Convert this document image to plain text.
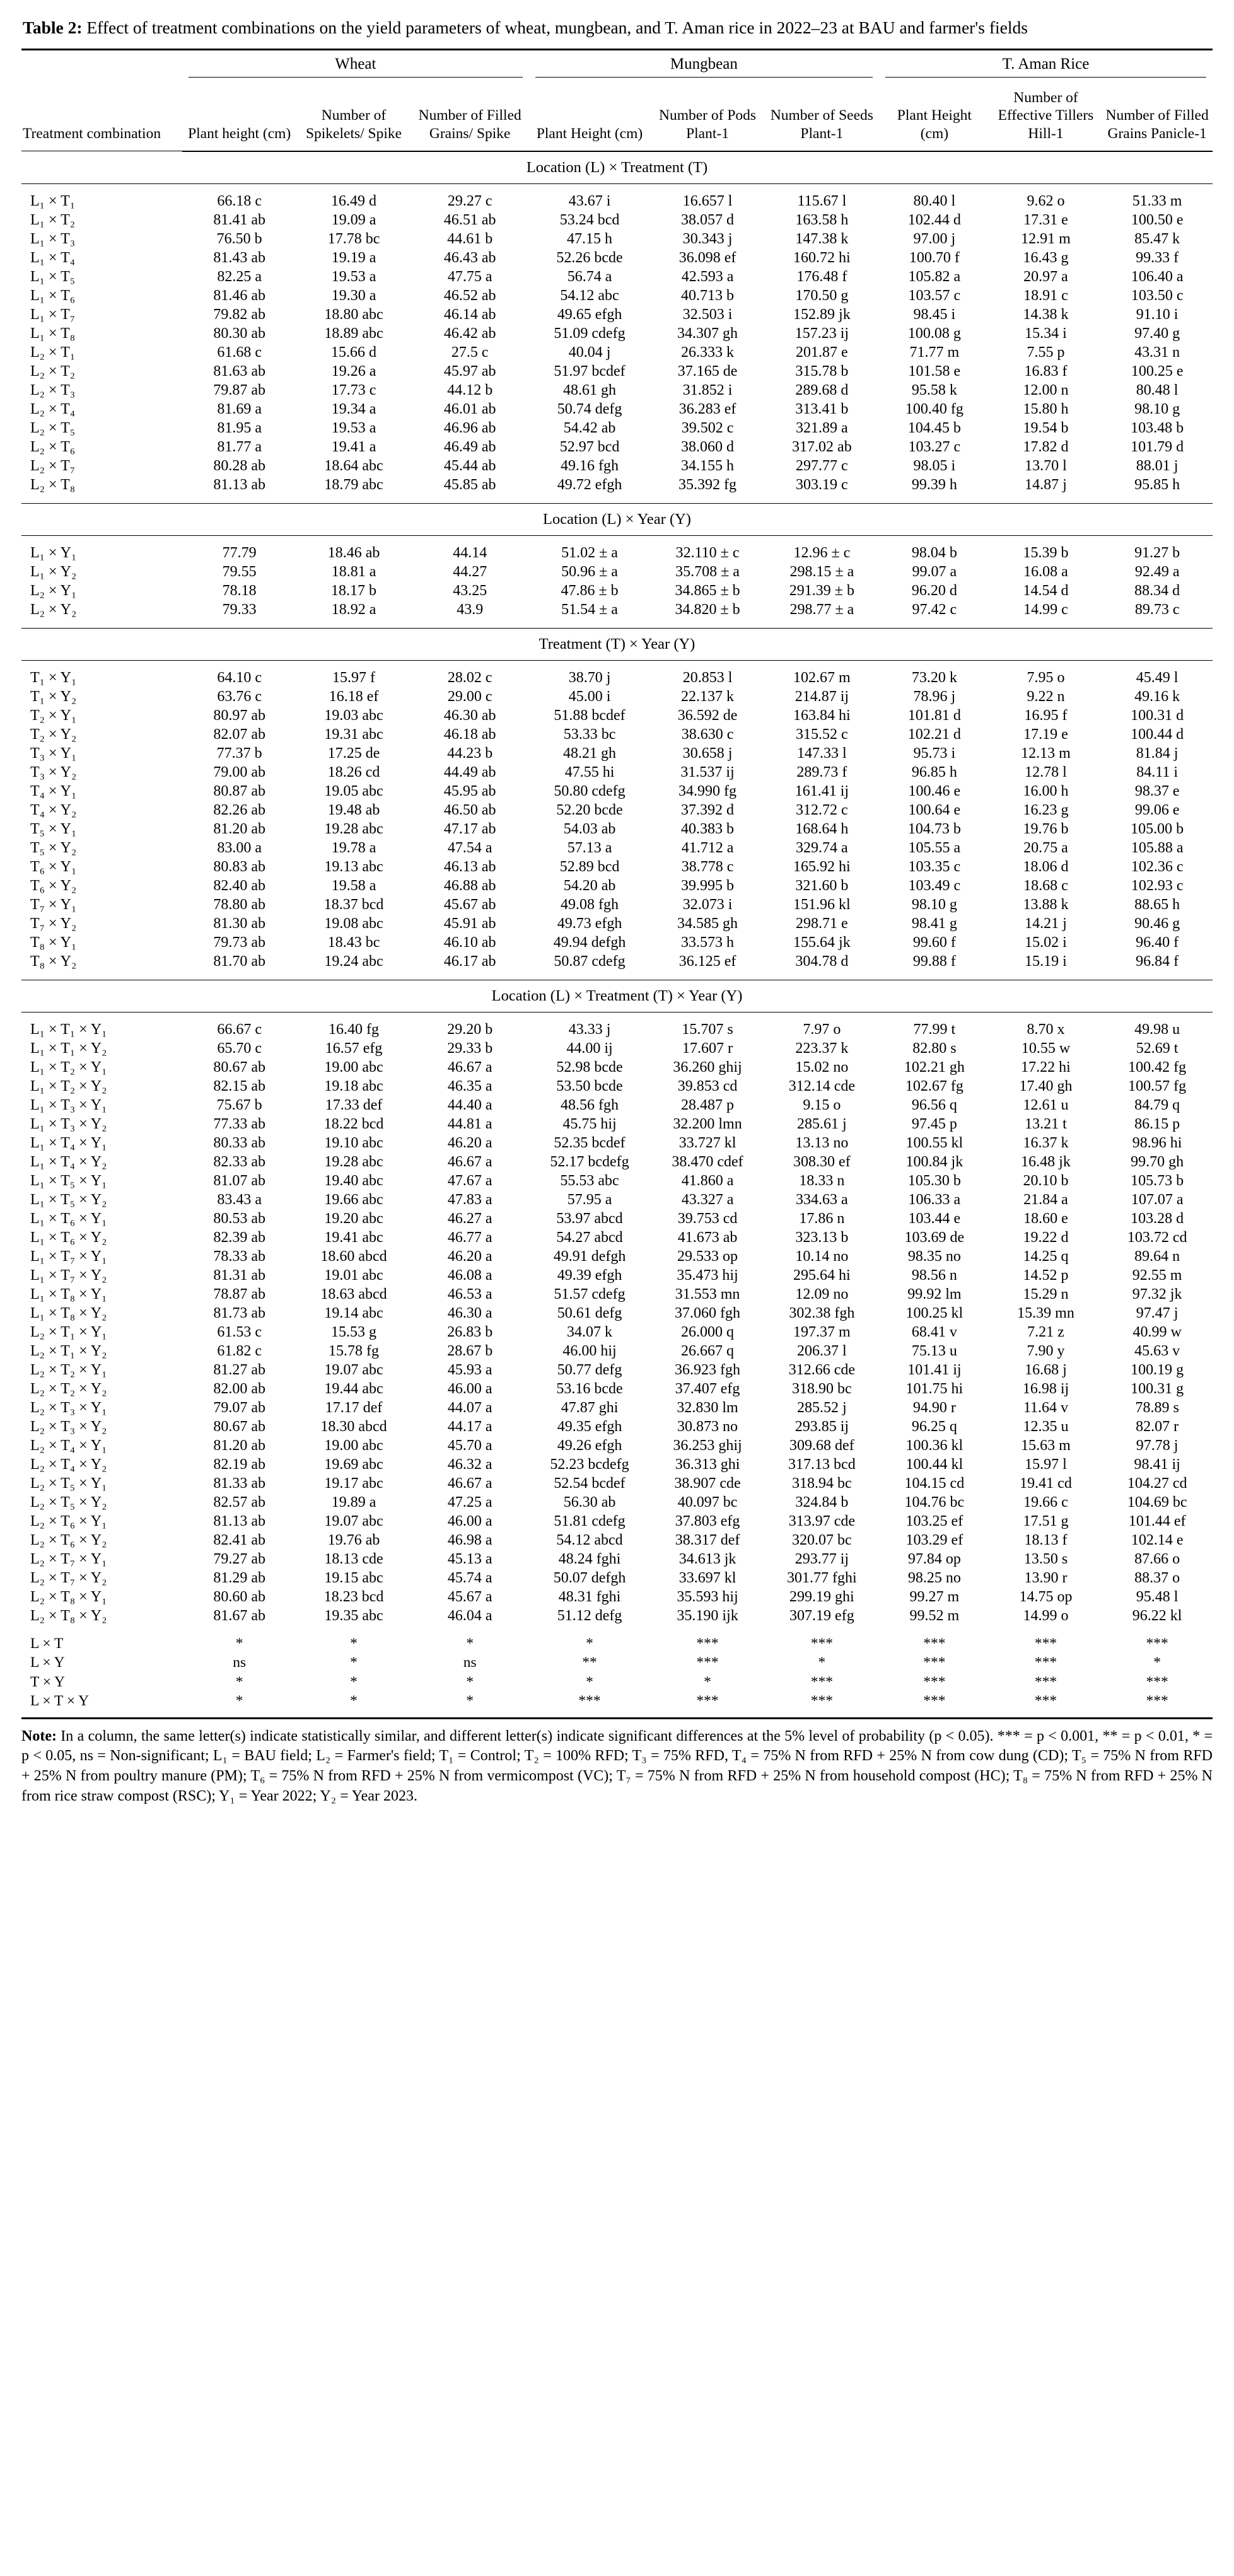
Table 2: Effect of treatment combinations on the yield parameters of wheat, mungbean, and T. Aman rice in 2022–23 at BAU and farmer's fields
Treatment combination	Wheat			Mungbean			T. Aman Rice		

	Plant height (cm)	Number of Spikelets/ Spike	Number of Filled Grains/ Spike	Plant Height (cm)	Number of Pods Plant-1	Number of Seeds Plant-1	Plant Height (cm)	Number of Effective Tillers Hill-1	Number of Filled Grains Panicle-1
Location (L) × Treatment (T)									

L₁ × T₁	66.18 c	16.49 d	29.27 c	43.67 i	16.657 l	115.67 l	80.40 l	9.62 o	51.33 m
L₁ × T₂	81.41 ab	19.09 a	46.51 ab	53.24 bcd	38.057 d	163.58 h	102.44 d	17.31 e	100.50 e
L₁ × T₃	76.50 b	17.78 bc	44.61 b	47.15 h	30.343 j	147.38 k	97.00 j	12.91 m	85.47 k
L₁ × T₄	81.43 ab	19.19 a	46.43 ab	52.26 bcde	36.098 ef	160.72 hi	100.70 f	16.43 g	99.33 f
L₁ × T₅	82.25 a	19.53 a	47.75 a	56.74 a	42.593 a	176.48 f	105.82 a	20.97 a	106.40 a
L₁ × T₆	81.46 ab	19.30 a	46.52 ab	54.12 abc	40.713 b	170.50 g	103.57 c	18.91 c	103.50 c
L₁ × T₇	79.82 ab	18.80 abc	46.14 ab	49.65 efgh	32.503 i	152.89 jk	98.45 i	14.38 k	91.10 i
L₁ × T₈	80.30 ab	18.89 abc	46.42 ab	51.09 cdefg	34.307 gh	157.23 ij	100.08 g	15.34 i	97.40 g
L₂ × T₁	61.68 c	15.66 d	27.5 c	40.04 j	26.333 k	201.87 e	71.77 m	7.55 p	43.31 n
L₂ × T₂	81.63 ab	19.26 a	45.97 ab	51.97 bcdef	37.165 de	315.78 b	101.58 e	16.83 f	100.25 e
L₂ × T₃	79.87 ab	17.73 c	44.12 b	48.61 gh	31.852 i	289.68 d	95.58 k	12.00 n	80.48 l
L₂ × T₄	81.69 a	19.34 a	46.01 ab	50.74 defg	36.283 ef	313.41 b	100.40 fg	15.80 h	98.10 g
L₂ × T₅	81.95 a	19.53 a	46.96 ab	54.42 ab	39.502 c	321.89 a	104.45 b	19.54 b	103.48 b
L₂ × T₆	81.77 a	19.41 a	46.49 ab	52.97 bcd	38.060 d	317.02 ab	103.27 c	17.82 d	101.79 d
L₂ × T₇	80.28 ab	18.64 abc	45.44 ab	49.16 fgh	34.155 h	297.77 c	98.05 i	13.70 l	88.01 j
L₂ × T₈	81.13 ab	18.79 abc	45.85 ab	49.72 efgh	35.392 fg	303.19 c	99.39 h	14.87 j	95.85 h

Location (L) × Year (Y)									

L₁ × Y₁	77.79	18.46 ab	44.14	51.02 ± a	32.110 ± c	12.96 ± c	98.04 b	15.39 b	91.27 b
L₁ × Y₂	79.55	18.81 a	44.27	50.96 ± a	35.708 ± a	298.15 ± a	99.07 a	16.08 a	92.49 a
L₂ × Y₁	78.18	18.17 b	43.25	47.86 ± b	34.865 ± b	291.39 ± b	96.20 d	14.54 d	88.34 d
L₂ × Y₂	79.33	18.92 a	43.9	51.54 ± a	34.820 ± b	298.77 ± a	97.42 c	14.99 c	89.73 c

Treatment (T) × Year (Y)									

T₁ × Y₁	64.10 c	15.97 f	28.02 c	38.70 j	20.853 l	102.67 m	73.20 k	7.95 o	45.49 l
T₁ × Y₂	63.76 c	16.18 ef	29.00 c	45.00 i	22.137 k	214.87 ij	78.96 j	9.22 n	49.16 k
T₂ × Y₁	80.97 ab	19.03 abc	46.30 ab	51.88 bcdef	36.592 de	163.84 hi	101.81 d	16.95 f	100.31 d
T₂ × Y₂	82.07 ab	19.31 abc	46.18 ab	53.33 bc	38.630 c	315.52 c	102.21 d	17.19 e	100.44 d
T₃ × Y₁	77.37 b	17.25 de	44.23 b	48.21 gh	30.658 j	147.33 l	95.73 i	12.13 m	81.84 j
T₃ × Y₂	79.00 ab	18.26 cd	44.49 ab	47.55 hi	31.537 ij	289.73 f	96.85 h	12.78 l	84.11 i
T₄ × Y₁	80.87 ab	19.05 abc	45.95 ab	50.80 cdefg	34.990 fg	161.41 ij	100.46 e	16.00 h	98.37 e
T₄ × Y₂	82.26 ab	19.48 ab	46.50 ab	52.20 bcde	37.392 d	312.72 c	100.64 e	16.23 g	99.06 e
T₅ × Y₁	81.20 ab	19.28 abc	47.17 ab	54.03 ab	40.383 b	168.64 h	104.73 b	19.76 b	105.00 b
T₅ × Y₂	83.00 a	19.78 a	47.54 a	57.13 a	41.712 a	329.74 a	105.55 a	20.75 a	105.88 a
T₆ × Y₁	80.83 ab	19.13 abc	46.13 ab	52.89 bcd	38.778 c	165.92 hi	103.35 c	18.06 d	102.36 c
T₆ × Y₂	82.40 ab	19.58 a	46.88 ab	54.20 ab	39.995 b	321.60 b	103.49 c	18.68 c	102.93 c
T₇ × Y₁	78.80 ab	18.37 bcd	45.67 ab	49.08 fgh	32.073 i	151.96 kl	98.10 g	13.88 k	88.65 h
T₇ × Y₂	81.30 ab	19.08 abc	45.91 ab	49.73 efgh	34.585 gh	298.71 e	98.41 g	14.21 j	90.46 g
T₈ × Y₁	79.73 ab	18.43 bc	46.10 ab	49.94 defgh	33.573 h	155.64 jk	99.60 f	15.02 i	96.40 f
T₈ × Y₂	81.70 ab	19.24 abc	46.17 ab	50.87 cdefg	36.125 ef	304.78 d	99.88 f	15.19 i	96.84 f

Location (L) × Treatment (T) × Year (Y)									

L₁ × T₁ × Y₁	66.67 c	16.40 fg	29.20 b	43.33 j	15.707 s	7.97 o	77.99 t	8.70 x	49.98 u
L₁ × T₁ × Y₂	65.70 c	16.57 efg	29.33 b	44.00 ij	17.607 r	223.37 k	82.80 s	10.55 w	52.69 t
L₁ × T₂ × Y₁	80.67 ab	19.00 abc	46.67 a	52.98 bcde	36.260 ghij	15.02 no	102.21 gh	17.22 hi	100.42 fg
L₁ × T₂ × Y₂	82.15 ab	19.18 abc	46.35 a	53.50 bcde	39.853 cd	312.14 cde	102.67 fg	17.40 gh	100.57 fg
L₁ × T₃ × Y₁	75.67 b	17.33 def	44.40 a	48.56 fgh	28.487 p	9.15 o	96.56 q	12.61 u	84.79 q
L₁ × T₃ × Y₂	77.33 ab	18.22 bcd	44.81 a	45.75 hij	32.200 lmn	285.61 j	97.45 p	13.21 t	86.15 p
L₁ × T₄ × Y₁	80.33 ab	19.10 abc	46.20 a	52.35 bcdef	33.727 kl	13.13 no	100.55 kl	16.37 k	98.96 hi
L₁ × T₄ × Y₂	82.33 ab	19.28 abc	46.67 a	52.17 bcdefg	38.470 cdef	308.30 ef	100.84 jk	16.48 jk	99.70 gh
L₁ × T₅ × Y₁	81.07 ab	19.40 abc	47.67 a	55.53 abc	41.860 a	18.33 n	105.30 b	20.10 b	105.73 b
L₁ × T₅ × Y₂	83.43 a	19.66 abc	47.83 a	57.95 a	43.327 a	334.63 a	106.33 a	21.84 a	107.07 a
L₁ × T₆ × Y₁	80.53 ab	19.20 abc	46.27 a	53.97 abcd	39.753 cd	17.86 n	103.44 e	18.60 e	103.28 d
L₁ × T₆ × Y₂	82.39 ab	19.41 abc	46.77 a	54.27 abcd	41.673 ab	323.13 b	103.69 de	19.22 d	103.72 cd
L₁ × T₇ × Y₁	78.33 ab	18.60 abcd	46.20 a	49.91 defgh	29.533 op	10.14 no	98.35 no	14.25 q	89.64 n
L₁ × T₇ × Y₂	81.31 ab	19.01 abc	46.08 a	49.39 efgh	35.473 hij	295.64 hi	98.56 n	14.52 p	92.55 m
L₁ × T₈ × Y₁	78.87 ab	18.63 abcd	46.53 a	51.57 cdefg	31.553 mn	12.09 no	99.92 lm	15.29 n	97.32 jk
L₁ × T₈ × Y₂	81.73 ab	19.14 abc	46.30 a	50.61 defg	37.060 fgh	302.38 fgh	100.25 kl	15.39 mn	97.47 j
L₂ × T₁ × Y₁	61.53 c	15.53 g	26.83 b	34.07 k	26.000 q	197.37 m	68.41 v	7.21 z	40.99 w
L₂ × T₁ × Y₂	61.82 c	15.78 fg	28.67 b	46.00 hij	26.667 q	206.37 l	75.13 u	7.90 y	45.63 v
L₂ × T₂ × Y₁	81.27 ab	19.07 abc	45.93 a	50.77 defg	36.923 fgh	312.66 cde	101.41 ij	16.68 j	100.19 g
L₂ × T₂ × Y₂	82.00 ab	19.44 abc	46.00 a	53.16 bcde	37.407 efg	318.90 bc	101.75 hi	16.98 ij	100.31 g
L₂ × T₃ × Y₁	79.07 ab	17.17 def	44.07 a	47.87 ghi	32.830 lm	285.52 j	94.90 r	11.64 v	78.89 s
L₂ × T₃ × Y₂	80.67 ab	18.30 abcd	44.17 a	49.35 efgh	30.873 no	293.85 ij	96.25 q	12.35 u	82.07 r
L₂ × T₄ × Y₁	81.20 ab	19.00 abc	45.70 a	49.26 efgh	36.253 ghij	309.68 def	100.36 kl	15.63 m	97.78 j
L₂ × T₄ × Y₂	82.19 ab	19.69 abc	46.32 a	52.23 bcdefg	36.313 ghi	317.13 bcd	100.44 kl	15.97 l	98.41 ij
L₂ × T₅ × Y₁	81.33 ab	19.17 abc	46.67 a	52.54 bcdef	38.907 cde	318.94 bc	104.15 cd	19.41 cd	104.27 cd
L₂ × T₅ × Y₂	82.57 ab	19.89 a	47.25 a	56.30 ab	40.097 bc	324.84 b	104.76 bc	19.66 c	104.69 bc
L₂ × T₆ × Y₁	81.13 ab	19.07 abc	46.00 a	51.81 cdefg	37.803 efg	313.97 cde	103.25 ef	17.51 g	101.44 ef
L₂ × T₆ × Y₂	82.41 ab	19.76 ab	46.98 a	54.12 abcd	38.317 def	320.07 bc	103.29 ef	18.13 f	102.14 e
L₂ × T₇ × Y₁	79.27 ab	18.13 cde	45.13 a	48.24 fghi	34.613 jk	293.77 ij	97.84 op	13.50 s	87.66 o
L₂ × T₇ × Y₂	81.29 ab	19.15 abc	45.74 a	50.07 defgh	33.697 kl	301.77 fghi	98.25 no	13.90 r	88.37 o
L₂ × T₈ × Y₁	80.60 ab	18.23 bcd	45.67 a	48.31 fghi	35.593 hij	299.19 ghi	99.27 m	14.75 op	95.48 l
L₂ × T₈ × Y₂	81.67 ab	19.35 abc	46.04 a	51.12 defg	35.190 ijk	307.19 efg	99.52 m	14.99 o	96.22 kl

L × T	*	*	*	*	***	***	***	***	***
L × Y	ns	*	ns	**	***	*	***	***	*
T × Y	*	*	*	*	*	***	***	***	***
L × T × Y	*	*	*	***	***	***	***	***	***
Note: In a column, the same letter(s) indicate statistically similar, and different letter(s) indicate significant differences at the 5% level of probability (p < 0.05). *** = p < 0.001, ** = p < 0.01, * = p < 0.05, ns = Non-significant; L₁ = BAU field; L₂ = Farmer's field; T₁ = Control; T₂ = 100% RFD; T₃ = 75% RFD, T₄ = 75% N from RFD + 25% N from cow dung (CD); T₅ = 75% N from RFD + 25% N from poultry manure (PM); T₆ = 75% N from RFD + 25% N from vermicompost (VC); T₇ = 75% N from RFD + 25% N from household compost (HC); T₈ = 75% N from RFD + 25% N from rice straw compost (RSC); Y₁ = Year 2022; Y₂ = Year 2023.
